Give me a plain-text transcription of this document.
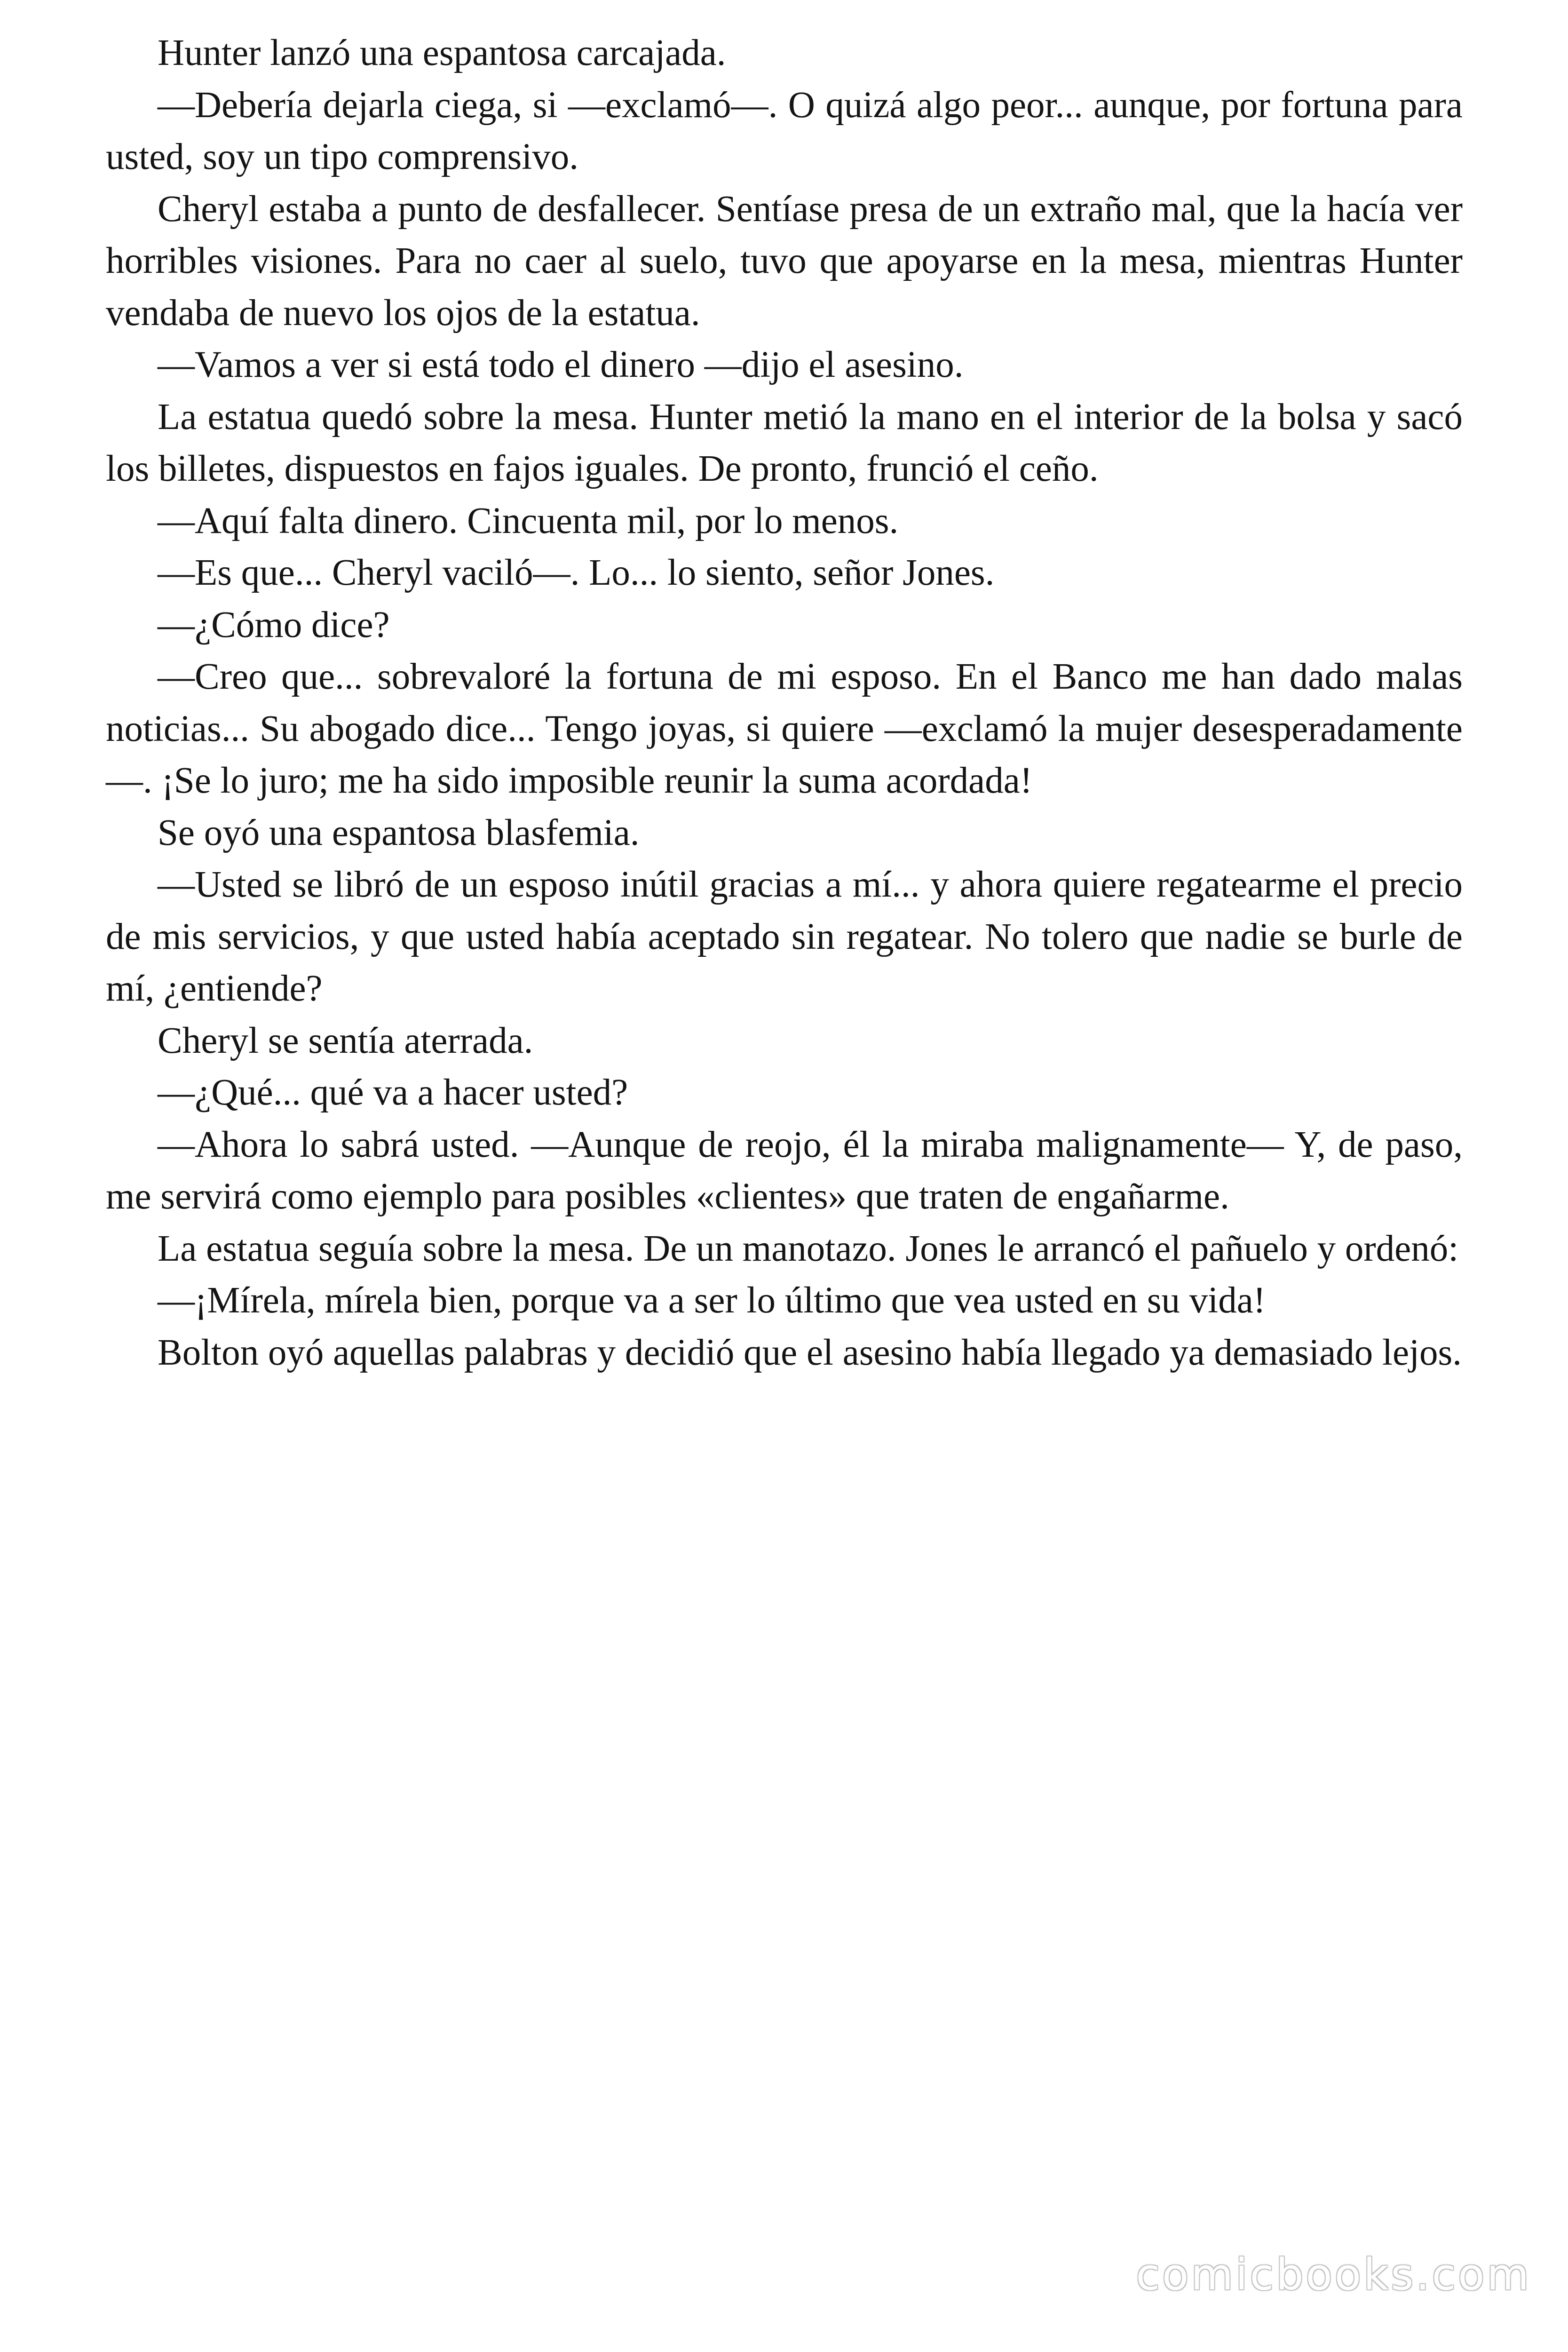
Hunter lanzó una espantosa carcajada.

—Debería dejarla ciega, si —exclamó—. O quizá algo peor... aunque, por fortuna para usted, soy un tipo comprensivo.

Cheryl estaba a punto de desfallecer. Sentíase presa de un extraño mal, que la hacía ver horribles visiones. Para no caer al suelo, tuvo que apoyarse en la mesa, mientras Hunter vendaba de nuevo los ojos de la estatua.

—Vamos a ver si está todo el dinero —dijo el asesino.

La estatua quedó sobre la mesa. Hunter metió la mano en el interior de la bolsa y sacó los billetes, dispuestos en fajos iguales. De pronto, frunció el ceño.

—Aquí falta dinero. Cincuenta mil, por lo menos.

—Es que... Cheryl vaciló—. Lo... lo siento, señor Jones.

—¿Cómo dice?

—Creo que... sobrevaloré la fortuna de mi esposo. En el Banco me han dado malas noticias... Su abogado dice... Tengo joyas, si quiere —exclamó la mujer desesperadamente—. ¡Se lo juro; me ha sido imposible reunir la suma acordada!

Se oyó una espantosa blasfemia.

—Usted se libró de un esposo inútil gracias a mí... y ahora quiere regatearme el precio de mis servicios, y que usted había aceptado sin regatear. No tolero que nadie se burle de mí, ¿entiende?

Cheryl se sentía aterrada.

—¿Qué... qué va a hacer usted?

—Ahora lo sabrá usted. —Aunque de reojo, él la miraba malignamente— Y, de paso, me servirá como ejemplo para posibles «clientes» que traten de engañarme.

La estatua seguía sobre la mesa. De un manotazo. Jones le arrancó el pañuelo y ordenó:

—¡Mírela, mírela bien, porque va a ser lo último que vea usted en su vida!

Bolton oyó aquellas palabras y decidió que el asesino había llegado ya demasiado lejos.

comicbooks.com
